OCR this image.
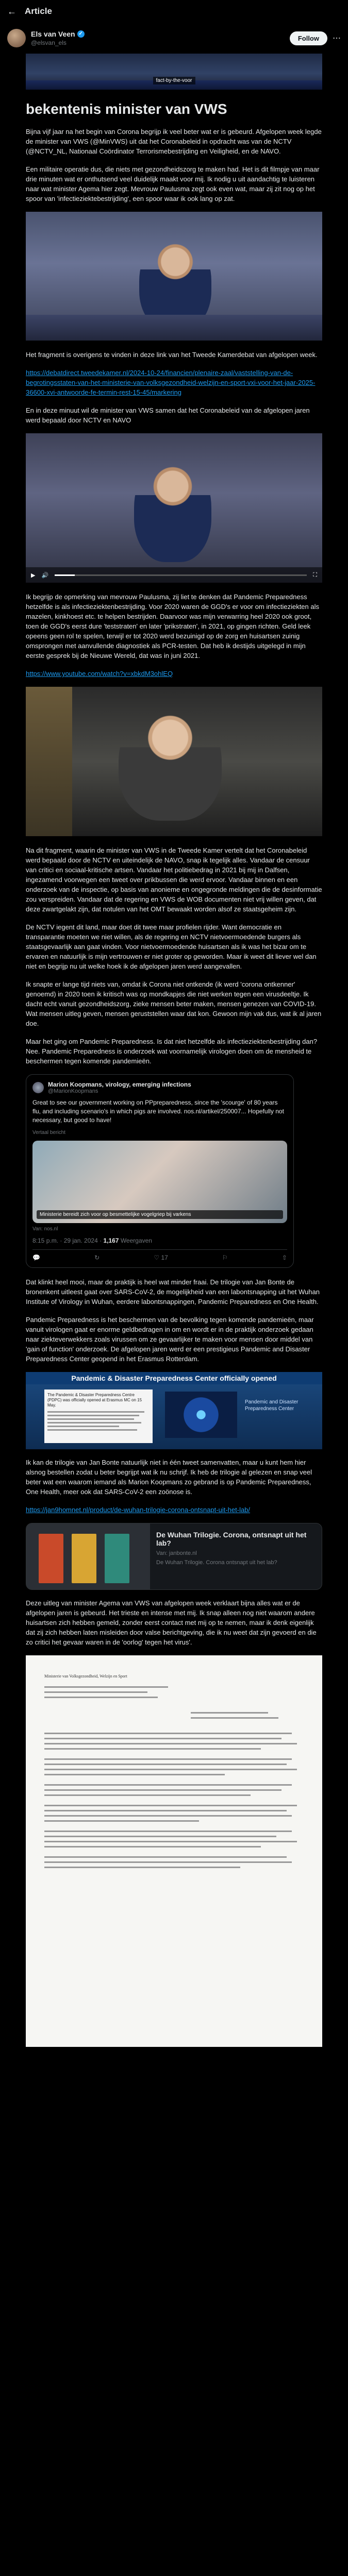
← Article
Els van Veen ✓
@elsvan_els
Follow	⋯
fact-by-the-voor
bekentenis minister van VWS

Bijna vijf jaar na het begin van Corona begrijp ik veel beter wat er is gebeurd. Afgelopen week legde de minister van VWS (@MinVWS) uit dat het Coronabeleid in opdracht was van de NCTV (@NCTV_NL, Nationaal Coördinator Terrorismebestrijding en Veiligheid, en de NAVO.

Een militaire operatie dus, die niets met gezondheidszorg te maken had. Het is dit filmpje van maar drie minuten wat er onthutsend veel duidelijk maakt voor mij. Ik nodig u uit aandachtig te luisteren naar wat minister Agema hier zegt. Mevrouw Paulusma zegt ook even wat, maar zij zit nog op het spoor van 'infectieziektebestrijding', een spoor waar ik ook lang op zat.

Het fragment is overigens te vinden in deze link van het Tweede Kamerdebat van afgelopen week.

https://debatdirect.tweedekamer.nl/2024-10-24/financien/plenaire-zaal/vaststelling-van-de-begrotingsstaten-van-het-ministerie-van-volksgezondheid-welzijn-en-sport-vxi-voor-het-jaar-2025-36600-xvi-antwoorde-fe-termin-rest-15-45/markering

En in deze minuut wil de minister van VWS samen dat het Coronabeleid van de afgelopen jaren werd bepaald door NCTV en NAVO

▶ 🔊	⛶

Ik begrijp de opmerking van mevrouw Paulusma, zij liet te denken dat Pandemic Preparedness hetzelfde is als infectieziektenbestrijding. Voor 2020 waren de GGD's er voor om infectieziekten als mazelen, kinkhoest etc. te helpen bestrijden. Daarvoor was mijn verwarring heel 2020 ook groot, toen de GGD's eerst dure 'teststraten' en later 'prikstraten', in 2021, op gingen richten. Geld leek opeens geen rol te spelen, terwijl er tot 2020 werd bezuinigd op de zorg en huisartsen zuinig omsprongen met aanvullende diagnostiek als PCR-testen. Dat heb ik destijds uitgelegd in mijn eerste gesprek bij de Nieuwe Wereld, dat was in juni 2021.

https://www.youtube.com/watch?v=xbkdM3ohlEQ

Na dit fragment, waarin de minister van VWS in de Tweede Kamer vertelt dat het Coronabeleid werd bepaald door de NCTV en uiteindelijk de NAVO, snap ik tegelijk alles. Vandaar de censuur van critici en sociaal-kritische artsen. Vandaar het politiebedrag in 2021 bij mij in Dalfsen, ingezamend voorwegen een tweet over prikbussen die werd ervoor. Vandaar binnen en een onderzoek van de inspectie, op basis van anonieme en ongegronde meldingen die de desinformatie zou verspreiden. Vandaar dat de regering en VWS de WOB documenten niet vrij willen geven, dat deze zwartgelakt zijn, dat notulen van het OMT bewaakt worden alsof ze staatsgeheim zijn.

De NCTV iegent dit land, maar doet dit twee maar profielen rijder. Want democratie en transparantie moeten we niet willen, als de regering en NCTV nietvoermoedende burgers als staatsgevaarlijk aan gaat vinden. Voor nietvoermoedende huisartsen als ik was het bizar om te ervaren en natuurlijk is mijn vertrouwen er niet groter op geworden. Maar ik weet dit liever wel dan niet en begrijp nu uit welke hoek ik de afgelopen jaren werd aangevallen.

Ik snapte er lange tijd niets van, omdat ik Corona niet ontkende (ik werd 'corona ontkenner' genoemd) in 2020 toen ik kritisch was op mondkapjes die niet werken tegen een virusdeeltje. Ik dacht echt vanuit gezondheidszorg, zieke mensen beter maken, mensen genezen van COVID-19. Wat mensen uitleg geven, mensen geruststellen waar dat kon. Gewoon mijn vak dus, wat ik al jaren doe.

Maar het ging om Pandemic Preparedness. Is dat niet hetzelfde als infectieziektenbestrijding dan? Nee. Pandemic Preparedness is onderzoek wat voornamelijk virologen doen om de mensheid te beschermen tegen komende pandemieën.

Marion Koopmans, virology, emerging infections
@MarionKoopmans
Great to see our government working on PPpreparedness, since the 'scourge' of 80 years flu, and including scenario's in which pigs are involved. nos.nl/artikel/250007... Hopefully not necessary, but good to have!
Vertaal bericht
Ministerie bereidt zich voor op besmettelijke vogelgriep bij varkens
Van: nos.nl
8:15 p.m. · 29 jan. 2024 · 1,167 Weergaven
💬	↻	♡ 17	⚐	⇧

Dat klinkt heel mooi, maar de praktijk is heel wat minder fraai. De trilogie van Jan Bonte de bronenkent uitleest gaat over SARS-CoV-2, de mogelijkheid van een labontsnapping uit het Wuhan Institute of Virology in Wuhan, eerdere labontsnappingen, Pandemic Preparedness en One Health.

Pandemic Preparedness is het beschermen van de bevolking tegen komende pandemieën, maar vanuit virologen gaat er enorme geldbedragen in om en wordt er in de praktijk onderzoek gedaan naar ziekteverwekkers zoals virussen om ze gevaarlijker te maken voor mensen door middel van 'gain of function' onderzoek. De afgelopen jaren werd er een prestigieus Pandemic and Disaster Preparedness Center geopend in het Erasmus Rotterdam.

Pandemic & Disaster Preparedness Center officially opened
The Pandemic & Disaster Preparedness Centre (PDPC) was officially opened at Erasmus MC on 15 May.
Pandemic and Disaster Preparedness Center

Ik kan de trilogie van Jan Bonte natuurlijk niet in één tweet samenvatten, maar u kunt hem hier alsnog bestellen zodat u beter begrijpt wat ik nu schrijf. Ik heb de trilogie al gelezen en snap veel beter wat een waarom iemand als Marion Koopmans zo gebrand is op Pandemic Preparedness, One Health, meer ook dat SARS-CoV-2 een zoönose is.

https://jan9homnet.nl/product/de-wuhan-trilogie-corona-ontsnapt-uit-het-lab/

De Wuhan Trilogie. Corona, ontsnapt uit het lab?
Van: janbonte.nl
De Wuhan Trilogie. Corona ontsnapt uit het lab?

Deze uitleg van minister Agema van VWS van afgelopen week verklaart bijna alles wat er de afgelopen jaren is gebeurd. Het trieste en intense met mij. Ik snap alleen nog niet waarom andere huisartsen zich hebben gemeld, zonder eerst contact met mij op te nemen, maar ik denk eigenlijk dat zij zich hebben laten misleiden door valse berichtgeving, die ik nu weet dat zijn gevoerd en die zo critici het gevaar waren in de 'oorlog' tegen het virus'.

Ministerie van Volksgezondheid, Welzijn en Sport
